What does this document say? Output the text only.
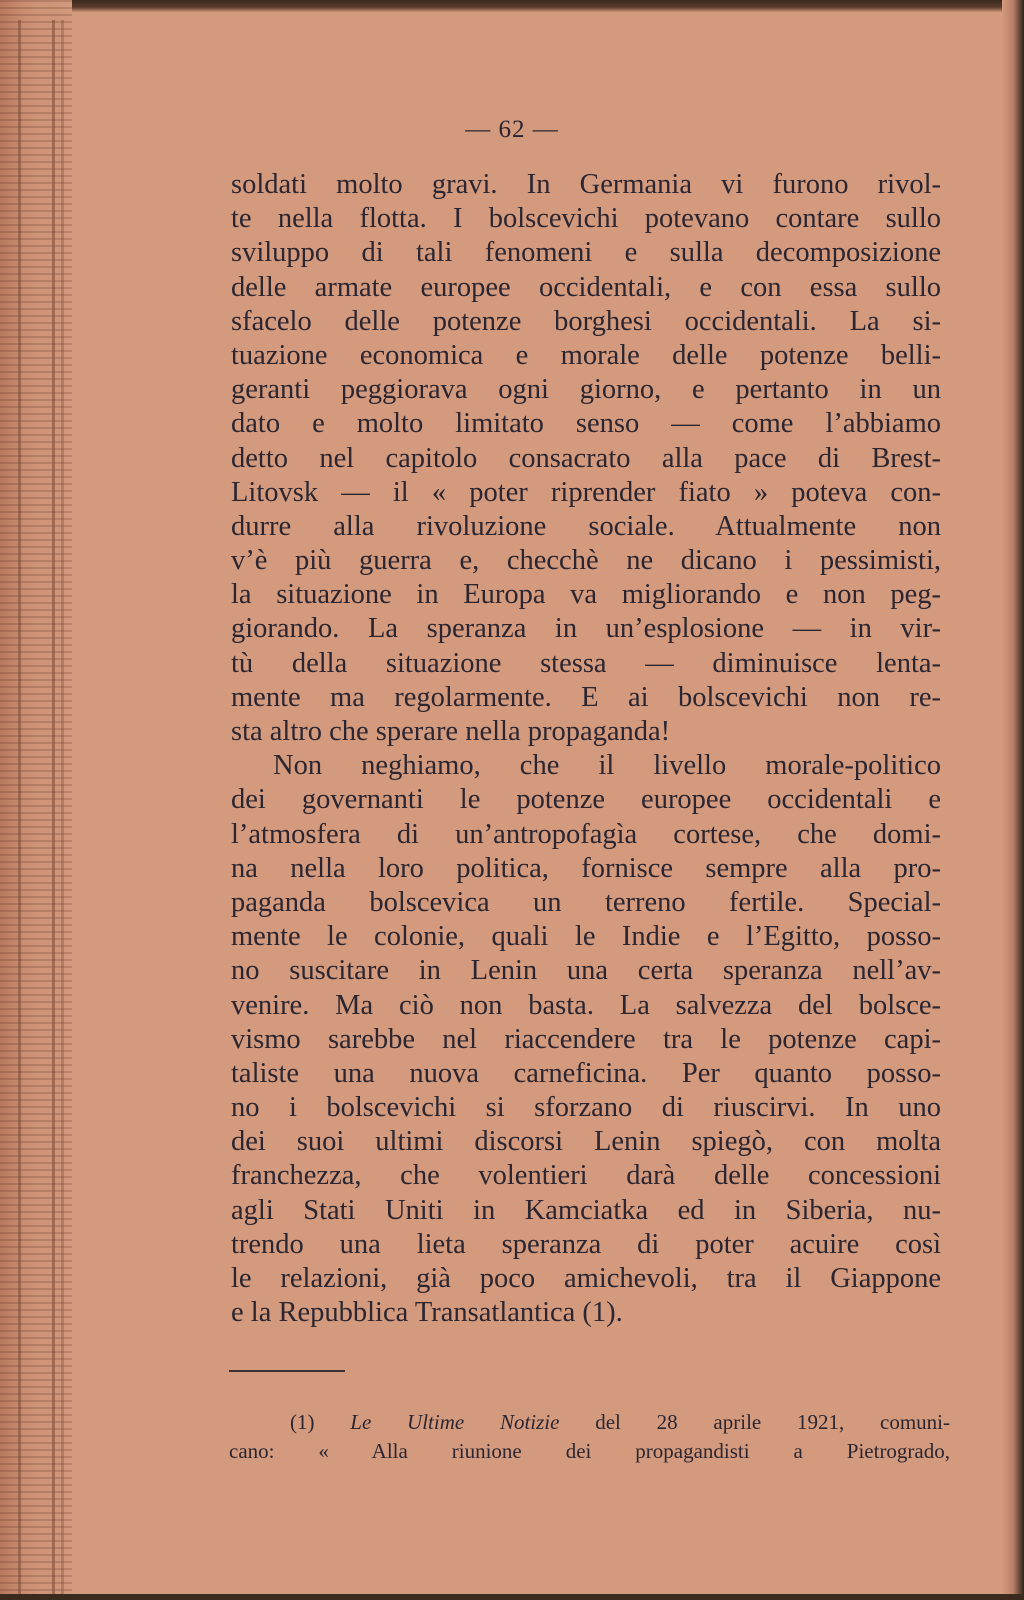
— 62 —
soldati molto gravi. In Germania vi furono rivol-
te nella flotta. I bolscevichi potevano contare sullo
sviluppo di tali fenomeni e sulla decomposizione
delle armate europee occidentali, e con essa sullo
sfacelo delle potenze borghesi occidentali. La si-
tuazione economica e morale delle potenze belli-
geranti peggiorava ogni giorno, e pertanto in un
dato e molto limitato senso — come l’abbiamo
detto nel capitolo consacrato alla pace di Brest-
Litovsk — il « poter riprender fiato » poteva con-
durre alla rivoluzione sociale. Attualmente non
v’è più guerra e, checchè ne dicano i pessimisti,
la situazione in Europa va migliorando e non peg-
giorando. La speranza in un’esplosione — in vir-
tù della situazione stessa — diminuisce lenta-
mente ma regolarmente. E ai bolscevichi non re-
sta altro che sperare nella propaganda!
Non neghiamo, che il livello morale-politico
dei governanti le potenze europee occidentali e
l’atmosfera di un’antropofagìa cortese, che domi-
na nella loro politica, fornisce sempre alla pro-
paganda bolscevica un terreno fertile. Special-
mente le colonie, quali le Indie e l’Egitto, posso-
no suscitare in Lenin una certa speranza nell’av-
venire. Ma ciò non basta. La salvezza del bolsce-
vismo sarebbe nel riaccendere tra le potenze capi-
taliste una nuova carneficina. Per quanto posso-
no i bolscevichi si sforzano di riuscirvi. In uno
dei suoi ultimi discorsi Lenin spiegò, con molta
franchezza, che volentieri darà delle concessioni
agli Stati Uniti in Kamciatka ed in Siberia, nu-
trendo una lieta speranza di poter acuire così
le relazioni, già poco amichevoli, tra il Giappone
e la Repubblica Transatlantica (1).
(1) Le Ultime Notizie del 28 aprile 1921, comuni-
cano: « Alla riunione dei propagandisti a Pietrogrado,
